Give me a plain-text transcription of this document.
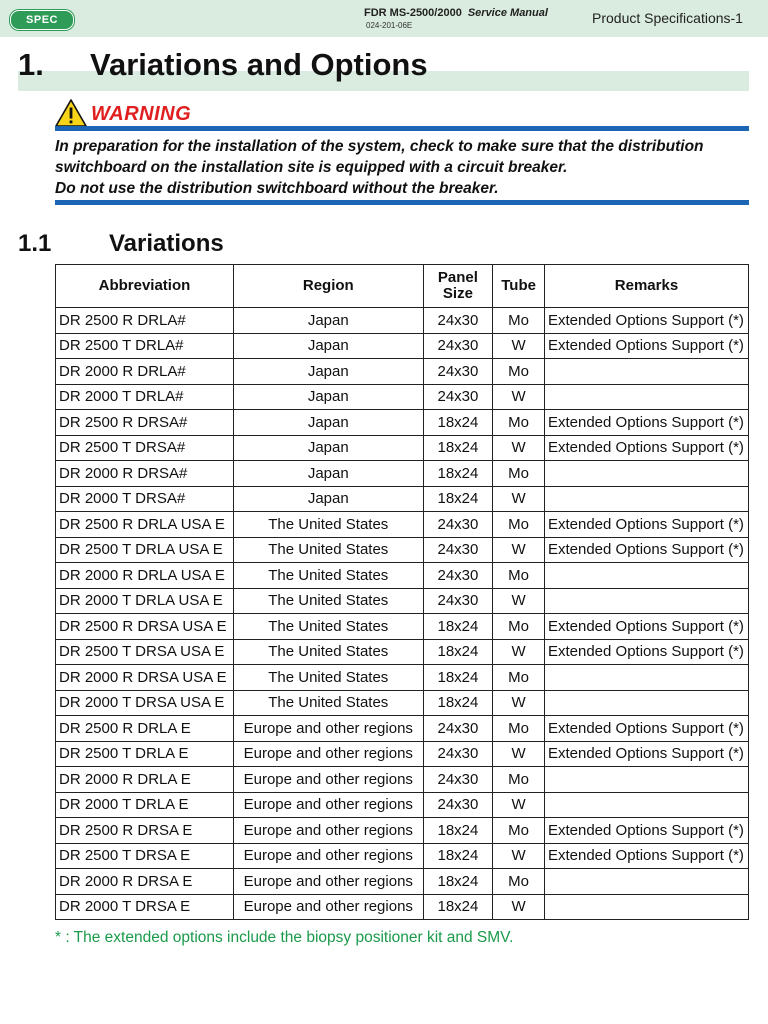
SPEC
FDR MS-2500/2000 Service Manual
024-201-06E	Product Specifications-1
1. Variations and Options
WARNING

In preparation for the installation of the system, check to make sure that the distribution switchboard on the installation site is equipped with a circuit breaker.

Do not use the distribution switchboard without the breaker.

1.1 Variations
Abbreviation	Region	Panel Size	Tube	Remarks
DR 2500 R DRLA#	Japan	24x30	Mo	Extended Options Support (*)
DR 2500 T DRLA#	Japan	24x30	W	Extended Options Support (*)
DR 2000 R DRLA#	Japan	24x30	Mo	
DR 2000 T DRLA#	Japan	24x30	W	
DR 2500 R DRSA#	Japan	18x24	Mo	Extended Options Support (*)
DR 2500 T DRSA#	Japan	18x24	W	Extended Options Support (*)
DR 2000 R DRSA#	Japan	18x24	Mo	
DR 2000 T DRSA#	Japan	18x24	W	
DR 2500 R DRLA USA E	The United States	24x30	Mo	Extended Options Support (*)
DR 2500 T DRLA USA E	The United States	24x30	W	Extended Options Support (*)
DR 2000 R DRLA USA E	The United States	24x30	Mo	
DR 2000 T DRLA USA E	The United States	24x30	W	
DR 2500 R DRSA USA E	The United States	18x24	Mo	Extended Options Support (*)
DR 2500 T DRSA USA E	The United States	18x24	W	Extended Options Support (*)
DR 2000 R DRSA USA E	The United States	18x24	Mo	
DR 2000 T DRSA USA E	The United States	18x24	W	
DR 2500 R DRLA E	Europe and other regions	24x30	Mo	Extended Options Support (*)
DR 2500 T DRLA E	Europe and other regions	24x30	W	Extended Options Support (*)
DR 2000 R DRLA E	Europe and other regions	24x30	Mo	
DR 2000 T DRLA E	Europe and other regions	24x30	W	
DR 2500 R DRSA E	Europe and other regions	18x24	Mo	Extended Options Support (*)
DR 2500 T DRSA E	Europe and other regions	18x24	W	Extended Options Support (*)
DR 2000 R DRSA E	Europe and other regions	18x24	Mo	
DR 2000 T DRSA E	Europe and other regions	18x24	W	
* : The extended options include the biopsy positioner kit and SMV.
